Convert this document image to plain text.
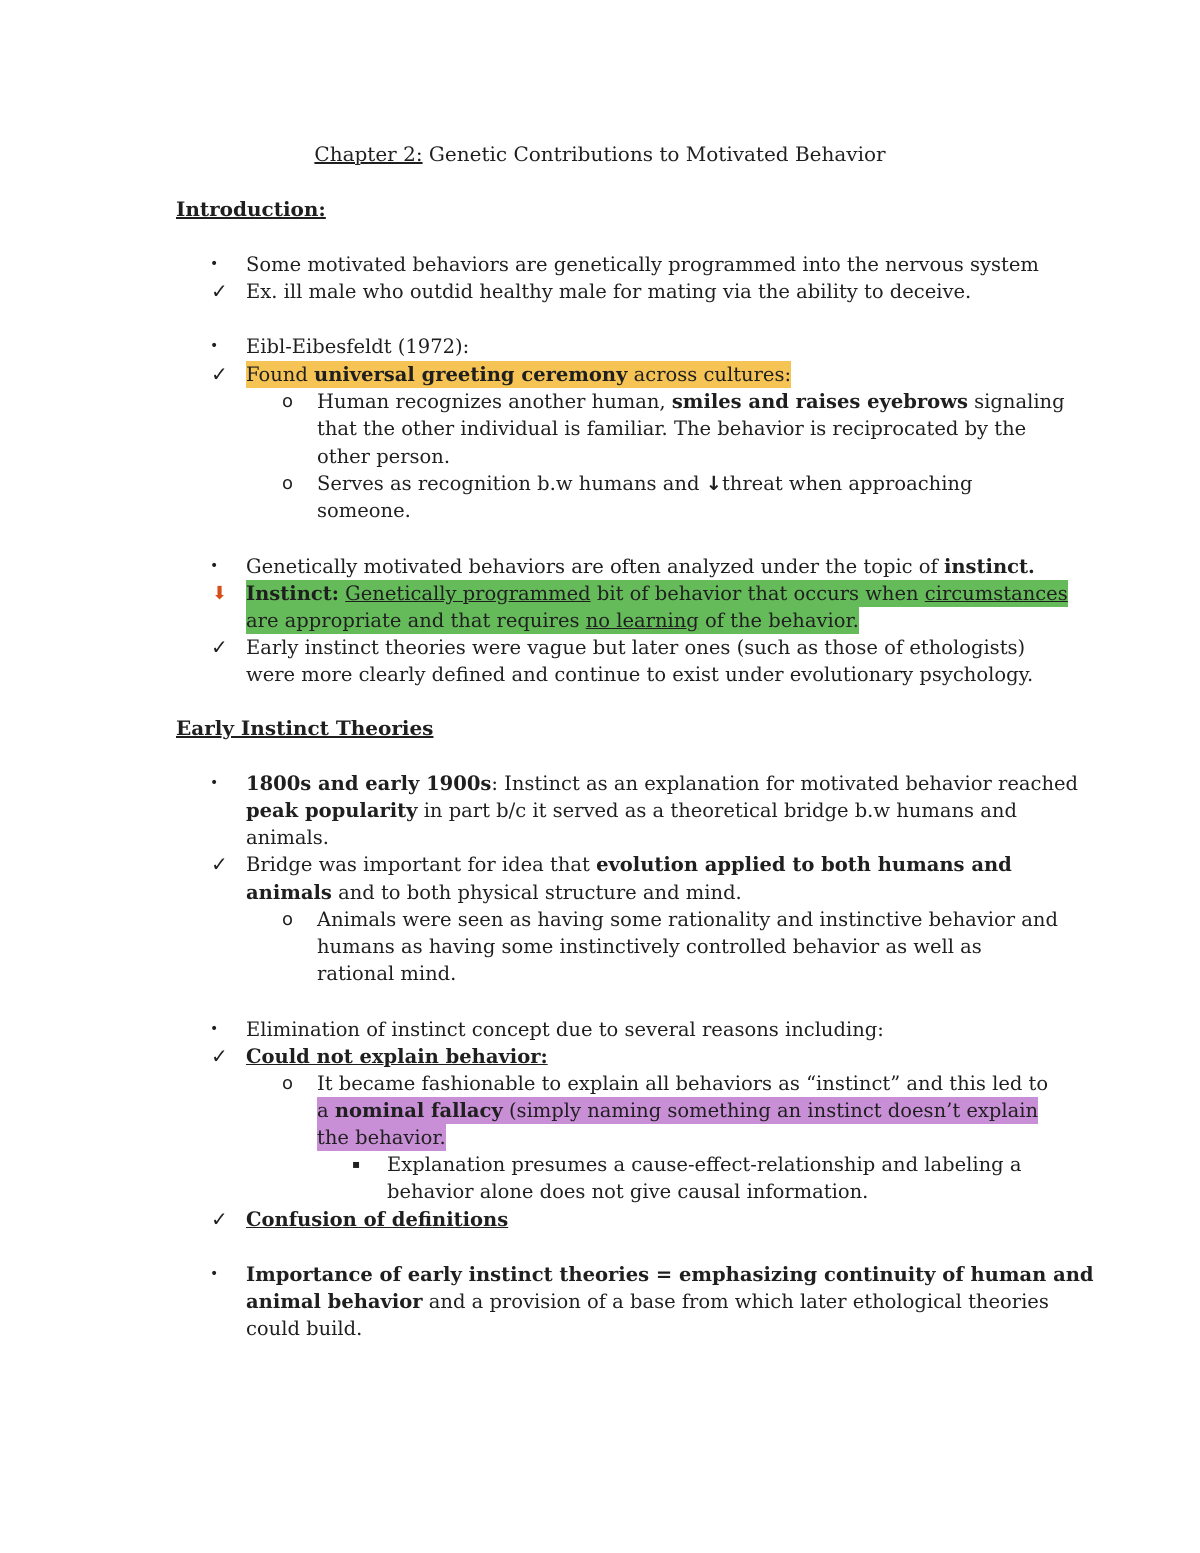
Chapter 2: Genetic Contributions to Motivated Behavior
Introduction:
• Some motivated behaviors are genetically programmed into the nervous system
✓ Ex. ill male who outdid healthy male for mating via the ability to deceive.
• Eibl-Eibesfeldt (1972):
✓ Found universal greeting ceremony across cultures:
o Human recognizes another human, smiles and raises eyebrows signaling
that the other individual is familiar. The behavior is reciprocated by the
other person.
o Serves as recognition b.w humans and ↓threat when approaching
someone.
• Genetically motivated behaviors are often analyzed under the topic of instinct.
⬇ Instinct: Genetically programmed bit of behavior that occurs when circumstances
are appropriate and that requires no learning of the behavior.
✓ Early instinct theories were vague but later ones (such as those of ethologists)
were more clearly defined and continue to exist under evolutionary psychology.
Early Instinct Theories
• 1800s and early 1900s: Instinct as an explanation for motivated behavior reached
peak popularity in part b/c it served as a theoretical bridge b.w humans and
animals.
✓ Bridge was important for idea that evolution applied to both humans and
animals and to both physical structure and mind.
o Animals were seen as having some rationality and instinctive behavior and
humans as having some instinctively controlled behavior as well as
rational mind.
• Elimination of instinct concept due to several reasons including:
✓ Could not explain behavior:
o It became fashionable to explain all behaviors as “instinct” and this led to
a nominal fallacy (simply naming something an instinct doesn’t explain
the behavior.
▪ Explanation presumes a cause-effect-relationship and labeling a
behavior alone does not give causal information.
✓ Confusion of definitions
• Importance of early instinct theories = emphasizing continuity of human and
animal behavior and a provision of a base from which later ethological theories
could build.
